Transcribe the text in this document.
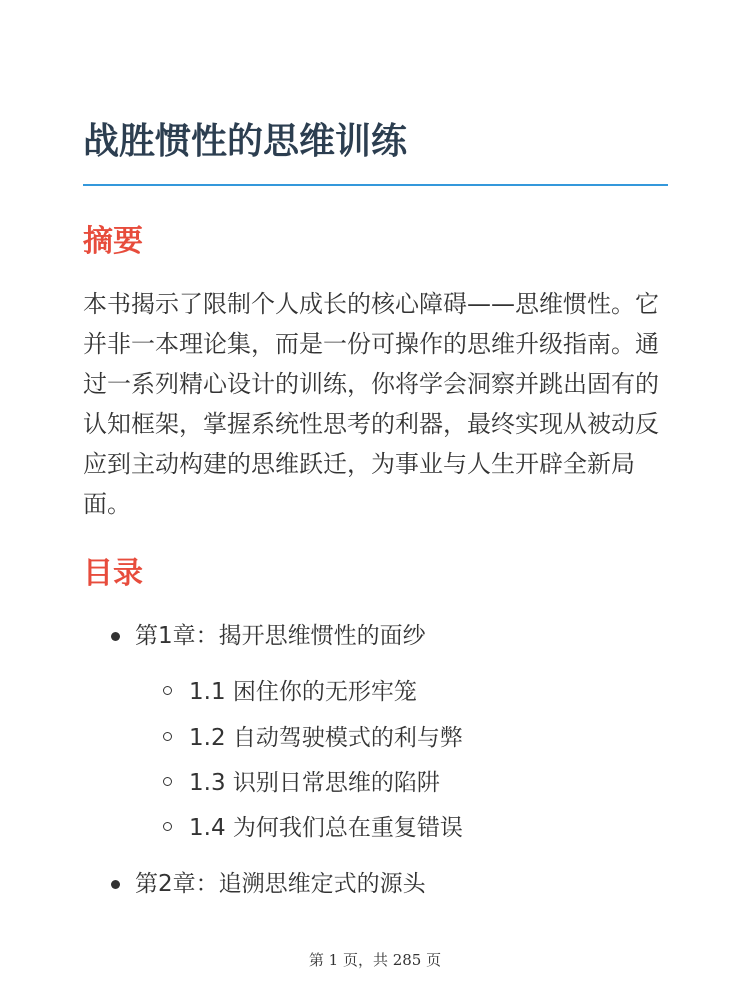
战胜惯性的思维训练
摘要

本书揭示了限制个人成长的核心障碍——思维惯性。它并非一本理论集，而是一份可操作的思维升级指南。通过一系列精心设计的训练，你将学会洞察并跳出固有的认知框架，掌握系统性思考的利器，最终实现从被动反应到主动构建的思维跃迁，为事业与人生开辟全新局面。

目录
第1章：揭开思维惯性的面纱
1.1 困住你的无形牢笼
1.2 自动驾驶模式的利与弊
1.3 识别日常思维的陷阱
1.4 为何我们总在重复错误
第2章：追溯思维定式的源头
第 1 页，共 285 页
